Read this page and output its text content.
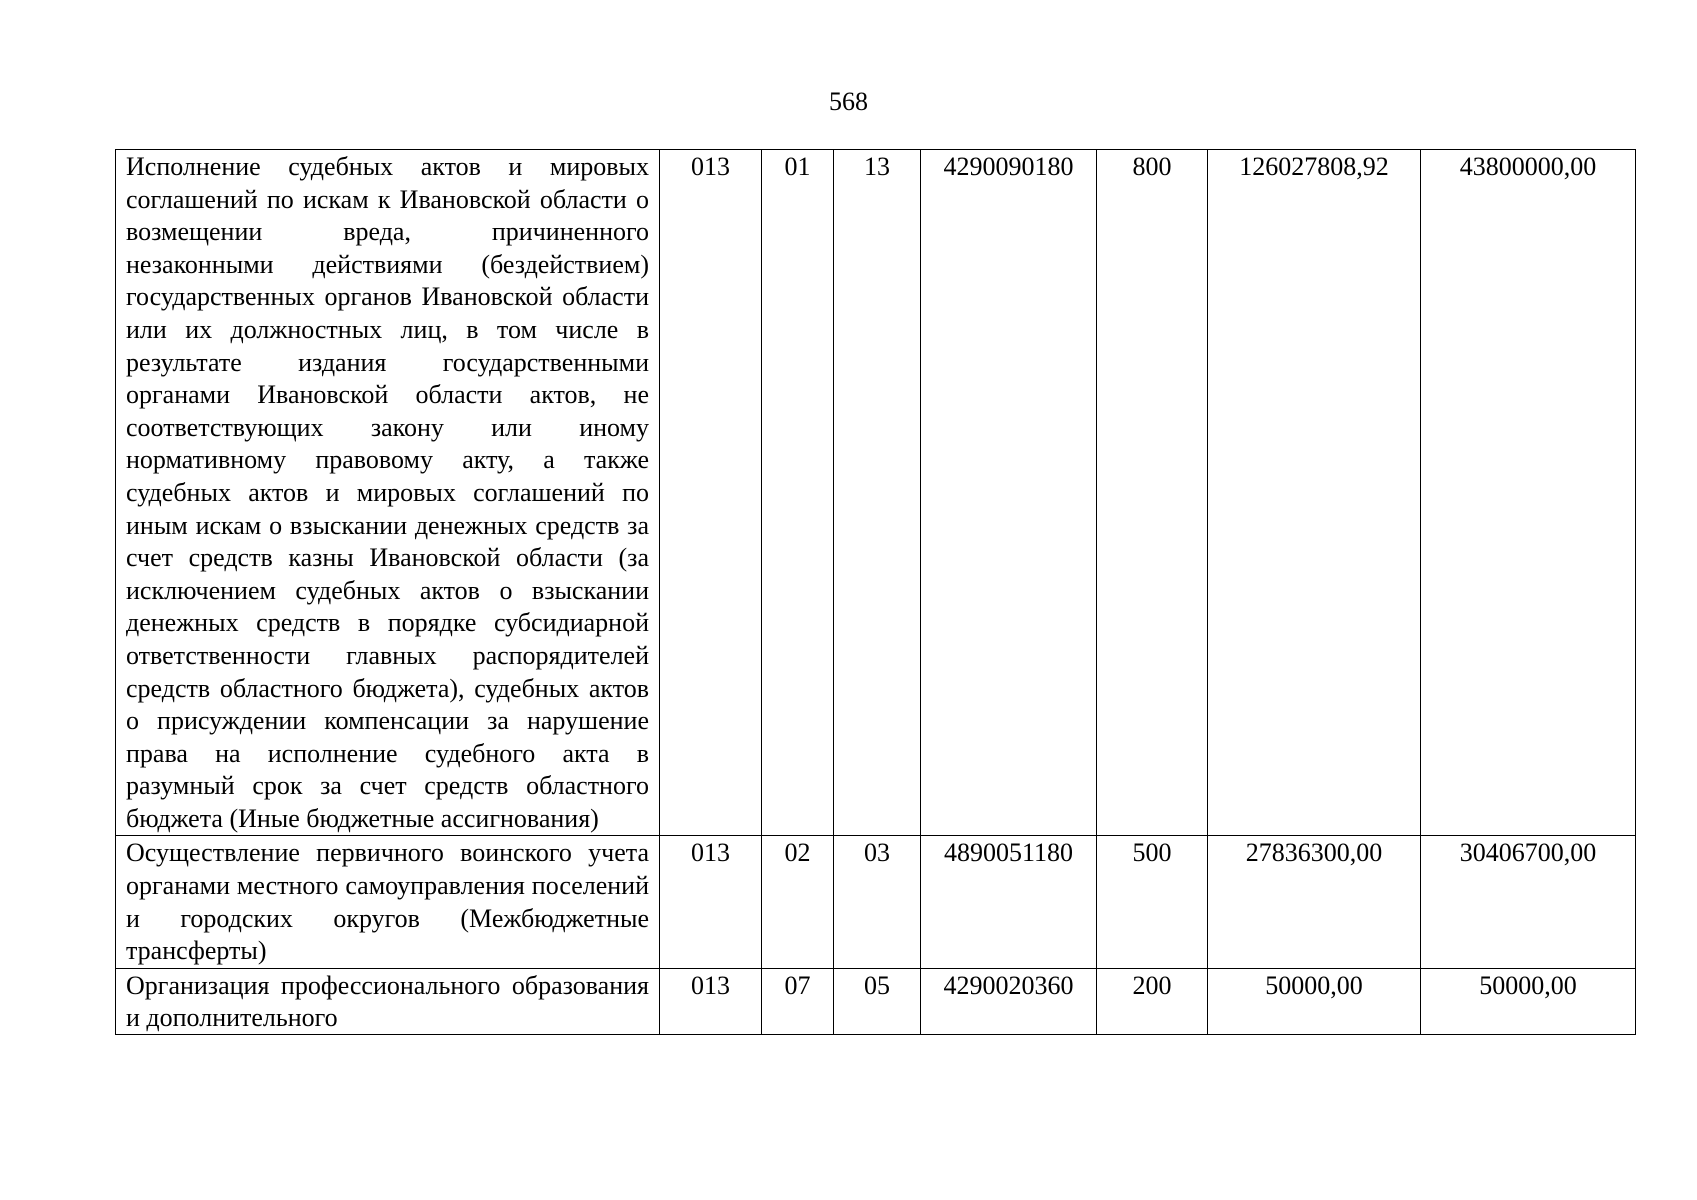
568
Исполнение судебных актов и мировых соглашений по искам к Ивановской области о возмещении вреда, причиненного незаконными действиями (бездействием) государственных органов Ивановской области или их должностных лиц, в том числе в результате издания государственными органами Ивановской области актов, не соответствующих закону или иному нормативному правовому акту, а также судебных актов и мировых соглашений по иным искам о взыскании денежных средств за счет средств казны Ивановской области (за исключением судебных актов о взыскании денежных средств в порядке субсидиарной ответственности главных распорядителей средств областного бюджета), судебных актов о присуждении компенсации за нарушение права на исполнение судебного акта в разумный срок за счет средств областного бюджета (Иные бюджетные ассигнования)	013	01	13	4290090180	800	126027808,92	43800000,00

Осуществление первичного воинского учета органами местного самоуправления поселений и городских округов (Межбюджетные трансферты)	013	02	03	4890051180	500	27836300,00	30406700,00

Организация профессионального образования и дополнительного	013	07	05	4290020360	200	50000,00	50000,00
